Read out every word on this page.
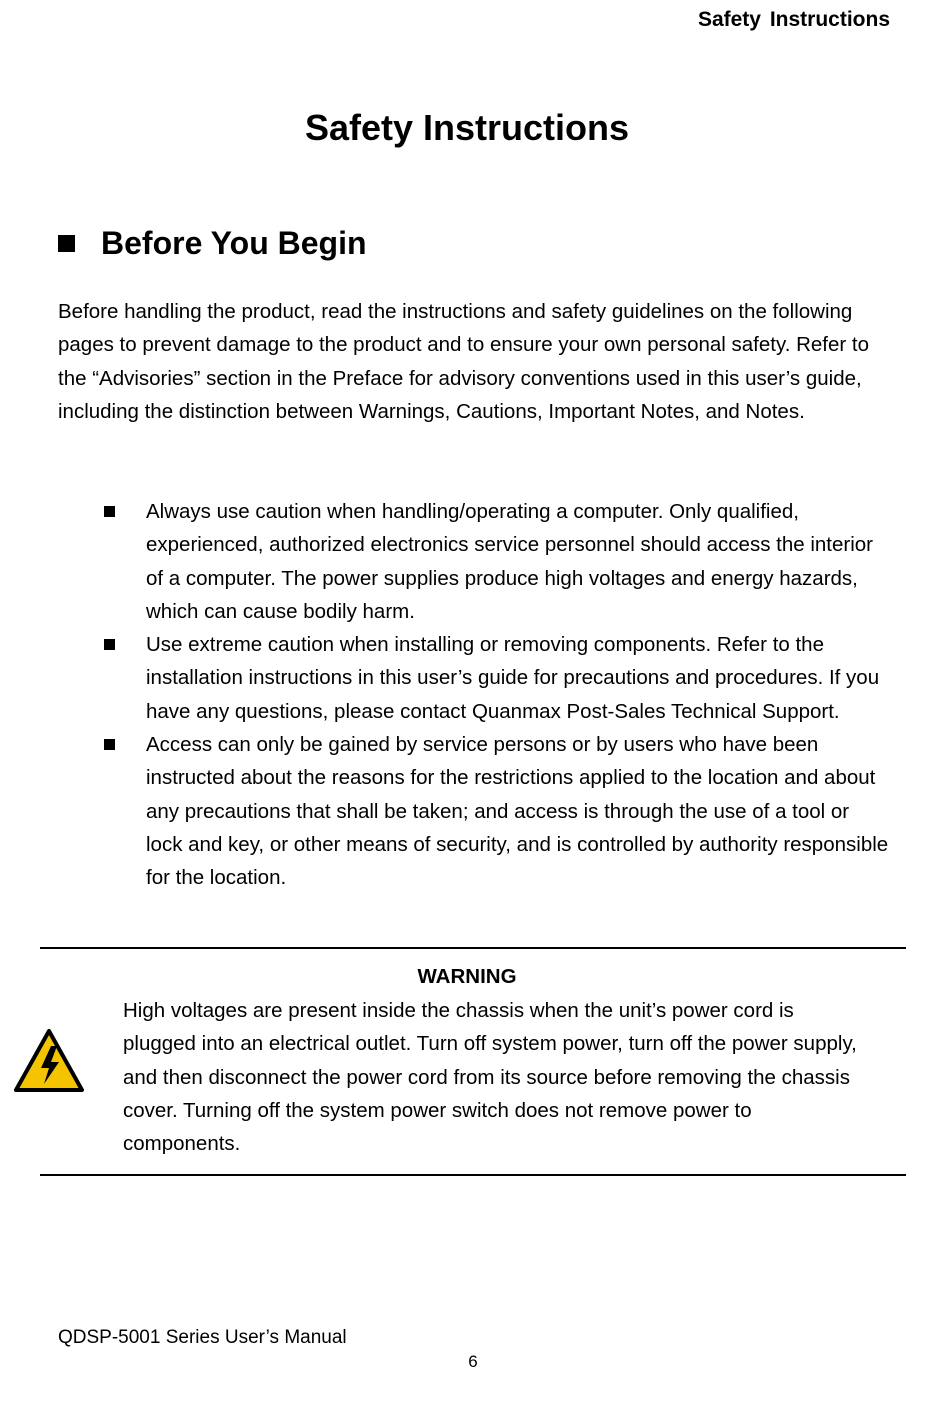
Safety Instructions
Safety Instructions
Before You Begin

Before handling the product, read the instructions and safety guidelines on the following pages to prevent damage to the product and to ensure your own personal safety. Refer to the “Advisories” section in the Preface for advisory conventions used in this user’s guide, including the distinction between Warnings, Cautions, Important Notes, and Notes.

Always use caution when handling/operating a computer. Only qualified, experienced, authorized electronics service personnel should access the interior of a computer. The power supplies produce high voltages and energy hazards, which can cause bodily harm.
Use extreme caution when installing or removing components. Refer to the installation instructions in this user’s guide for precautions and procedures. If you have any questions, please contact Quanmax Post-Sales Technical Support.
Access can only be gained by service persons or by users who have been instructed about the reasons for the restrictions applied to the location and about any precautions that shall be taken; and access is through the use of a tool or lock and key, or other means of security, and is controlled by authority responsible for the location.
WARNING

High voltages are present inside the chassis when the unit’s power cord is plugged into an electrical outlet. Turn off system power, turn off the power supply, and then disconnect the power cord from its source before removing the chassis cover. Turning off the system power switch does not remove power to components.

QDSP-5001 Series User’s Manual
6
